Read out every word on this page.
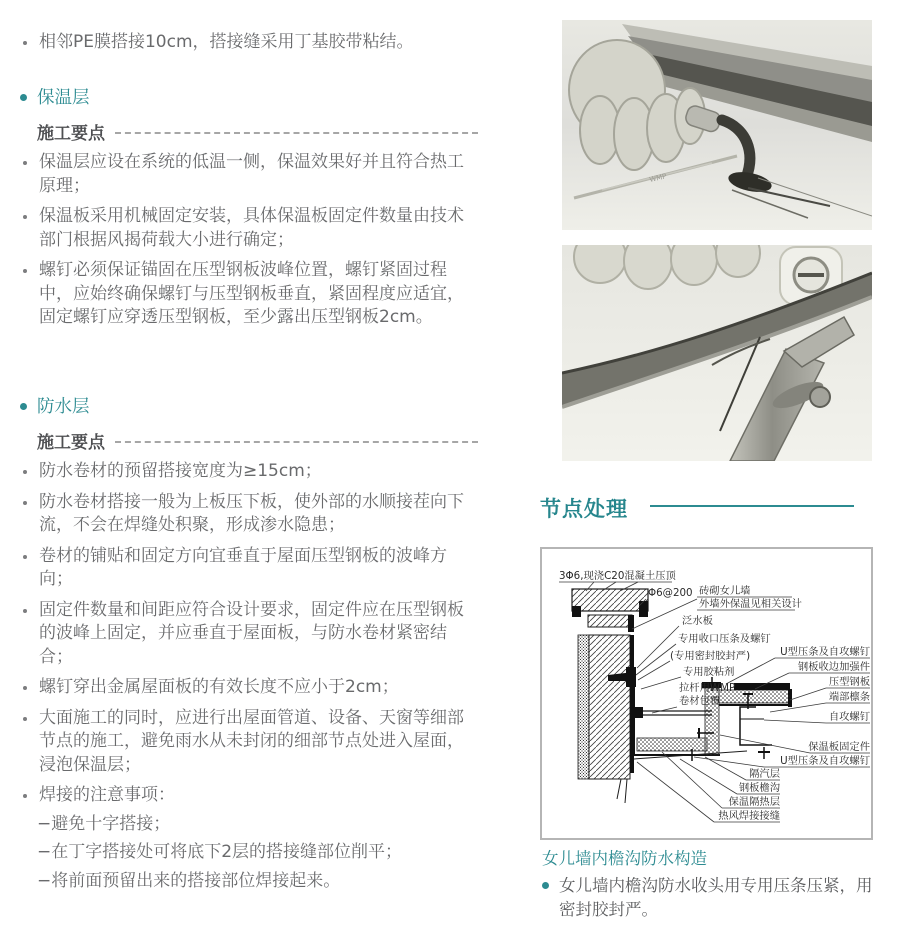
相邻PE膜搭接10cm，搭接缝采用丁基胶带粘结。
保温层
施工要点
保温层应设在系统的低温一侧，保温效果好并且符合热工原理；
保温板采用机械固定安装，具体保温板固定件数量由技术部门根据风揭荷载大小进行确定；
螺钉必须保证锚固在压型钢板波峰位置，螺钉紧固过程中，应始终确保螺钉与压型钢板垂直，紧固程度应适宜，固定螺钉应穿透压型钢板，至少露出压型钢板2cm。
防水层
施工要点
防水卷材的预留搭接宽度为≥15cm；
防水卷材搭接一般为上板压下板，使外部的水顺接茬向下流，不会在焊缝处积聚，形成渗水隐患；
卷材的铺贴和固定方向宜垂直于屋面压型钢板的波峰方向；
固定件数量和间距应符合设计要求，固定件应在压型钢板的波峰上固定，并应垂直于屋面板，与防水卷材紧密结合；
螺钉穿出金属屋面板的有效长度不应小于2cm；
大面施工的同时，应进行出屋面管道、设备、天窗等细部节点的施工，避免雨水从未封闭的细部节点处进入屋面，浸泡保温层；
焊接的注意事项：
−避免十字搭接；
−在丁字搭接处可将底下2层的搭接缝部位削平；
−将前面预留出来的搭接部位焊接起来。
WMP
节点处理
3Φ6,现浇C20混凝土压顶
Φ6@200 砖砌女儿墙
外墙外保温见相关设计
泛水板
专用收口压条及螺钉
(专用密封胶封严)
专用胶粘剂
拉杆用WMP
卷材包覆
U型压条及自攻螺钉
钢板收边加强件
压型钢板
端部檩条
自攻螺钉
保温板固定件
U型压条及自攻螺钉
隔汽层
钢板檐沟
保温隔热层
热风焊接接缝
女儿墙内檐沟防水构造
女儿墙内檐沟防水收头用专用压条压紧，用密封胶封严。
